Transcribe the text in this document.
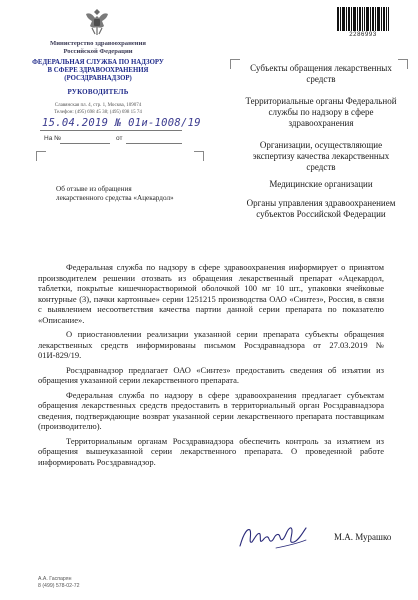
Министерство здравоохранения
Российской Федерации
ФЕДЕРАЛЬНАЯ СЛУЖБА ПО НАДЗОРУ
В СФЕРЕ ЗДРАВООХРАНЕНИЯ
(РОСЗДРАВНАДЗОР)
РУКОВОДИТЕЛЬ
Славянская пл. 4, стр. 1, Москва, 109074
Телефон: (495) 698 45 38; (495) 698 15 74
15.04.2019 № 01и-1008/19
На №	от
2286993
Субъекты обращения лекарственных средств
Территориальные органы Федеральной службы по надзору в сфере здравоохранения
Организации, осуществляющие экспертизу качества лекарственных средств
Медицинские организации
Органы управления здравоохранением субъектов Российской Федерации
Об отзыве из обращения лекарственного средства «Ацекардол»

Федеральная служба по надзору в сфере здравоохранения информирует о принятом производителем решении отозвать из обращения лекарственный препарат «Ацекардол, таблетки, покрытые кишечнорастворимой оболочкой 100 мг 10 шт., упаковки ячейковые контурные (3), пачки картонные» серии 1251215 производства ОАО «Синтез», Россия, в связи с выявлением несоответствия качества партии данной серии препарата по показателю «Описание».

О приостановлении реализации указанной серии препарата субъекты обращения лекарственных средств информированы письмом Росздравнадзора от 27.03.2019 № 01И-829/19.

Росздравнадзор предлагает ОАО «Синтез» предоставить сведения об изъятии из обращения указанной серии лекарственного препарата.

Федеральная служба по надзору в сфере здравоохранения предлагает субъектам обращения лекарственных средств предоставить в территориальный орган Росздравнадзора сведения, подтверждающие возврат указанной серии лекарственного препарата поставщикам (производителю).

Территориальным органам Росздравнадзора обеспечить контроль за изъятием из обращения вышеуказанной серии лекарственного препарата. О проведенной работе информировать Росздравнадзор.

М.А. Мурашко
А.А. Гаспарян
8 (499) 578-02-72
